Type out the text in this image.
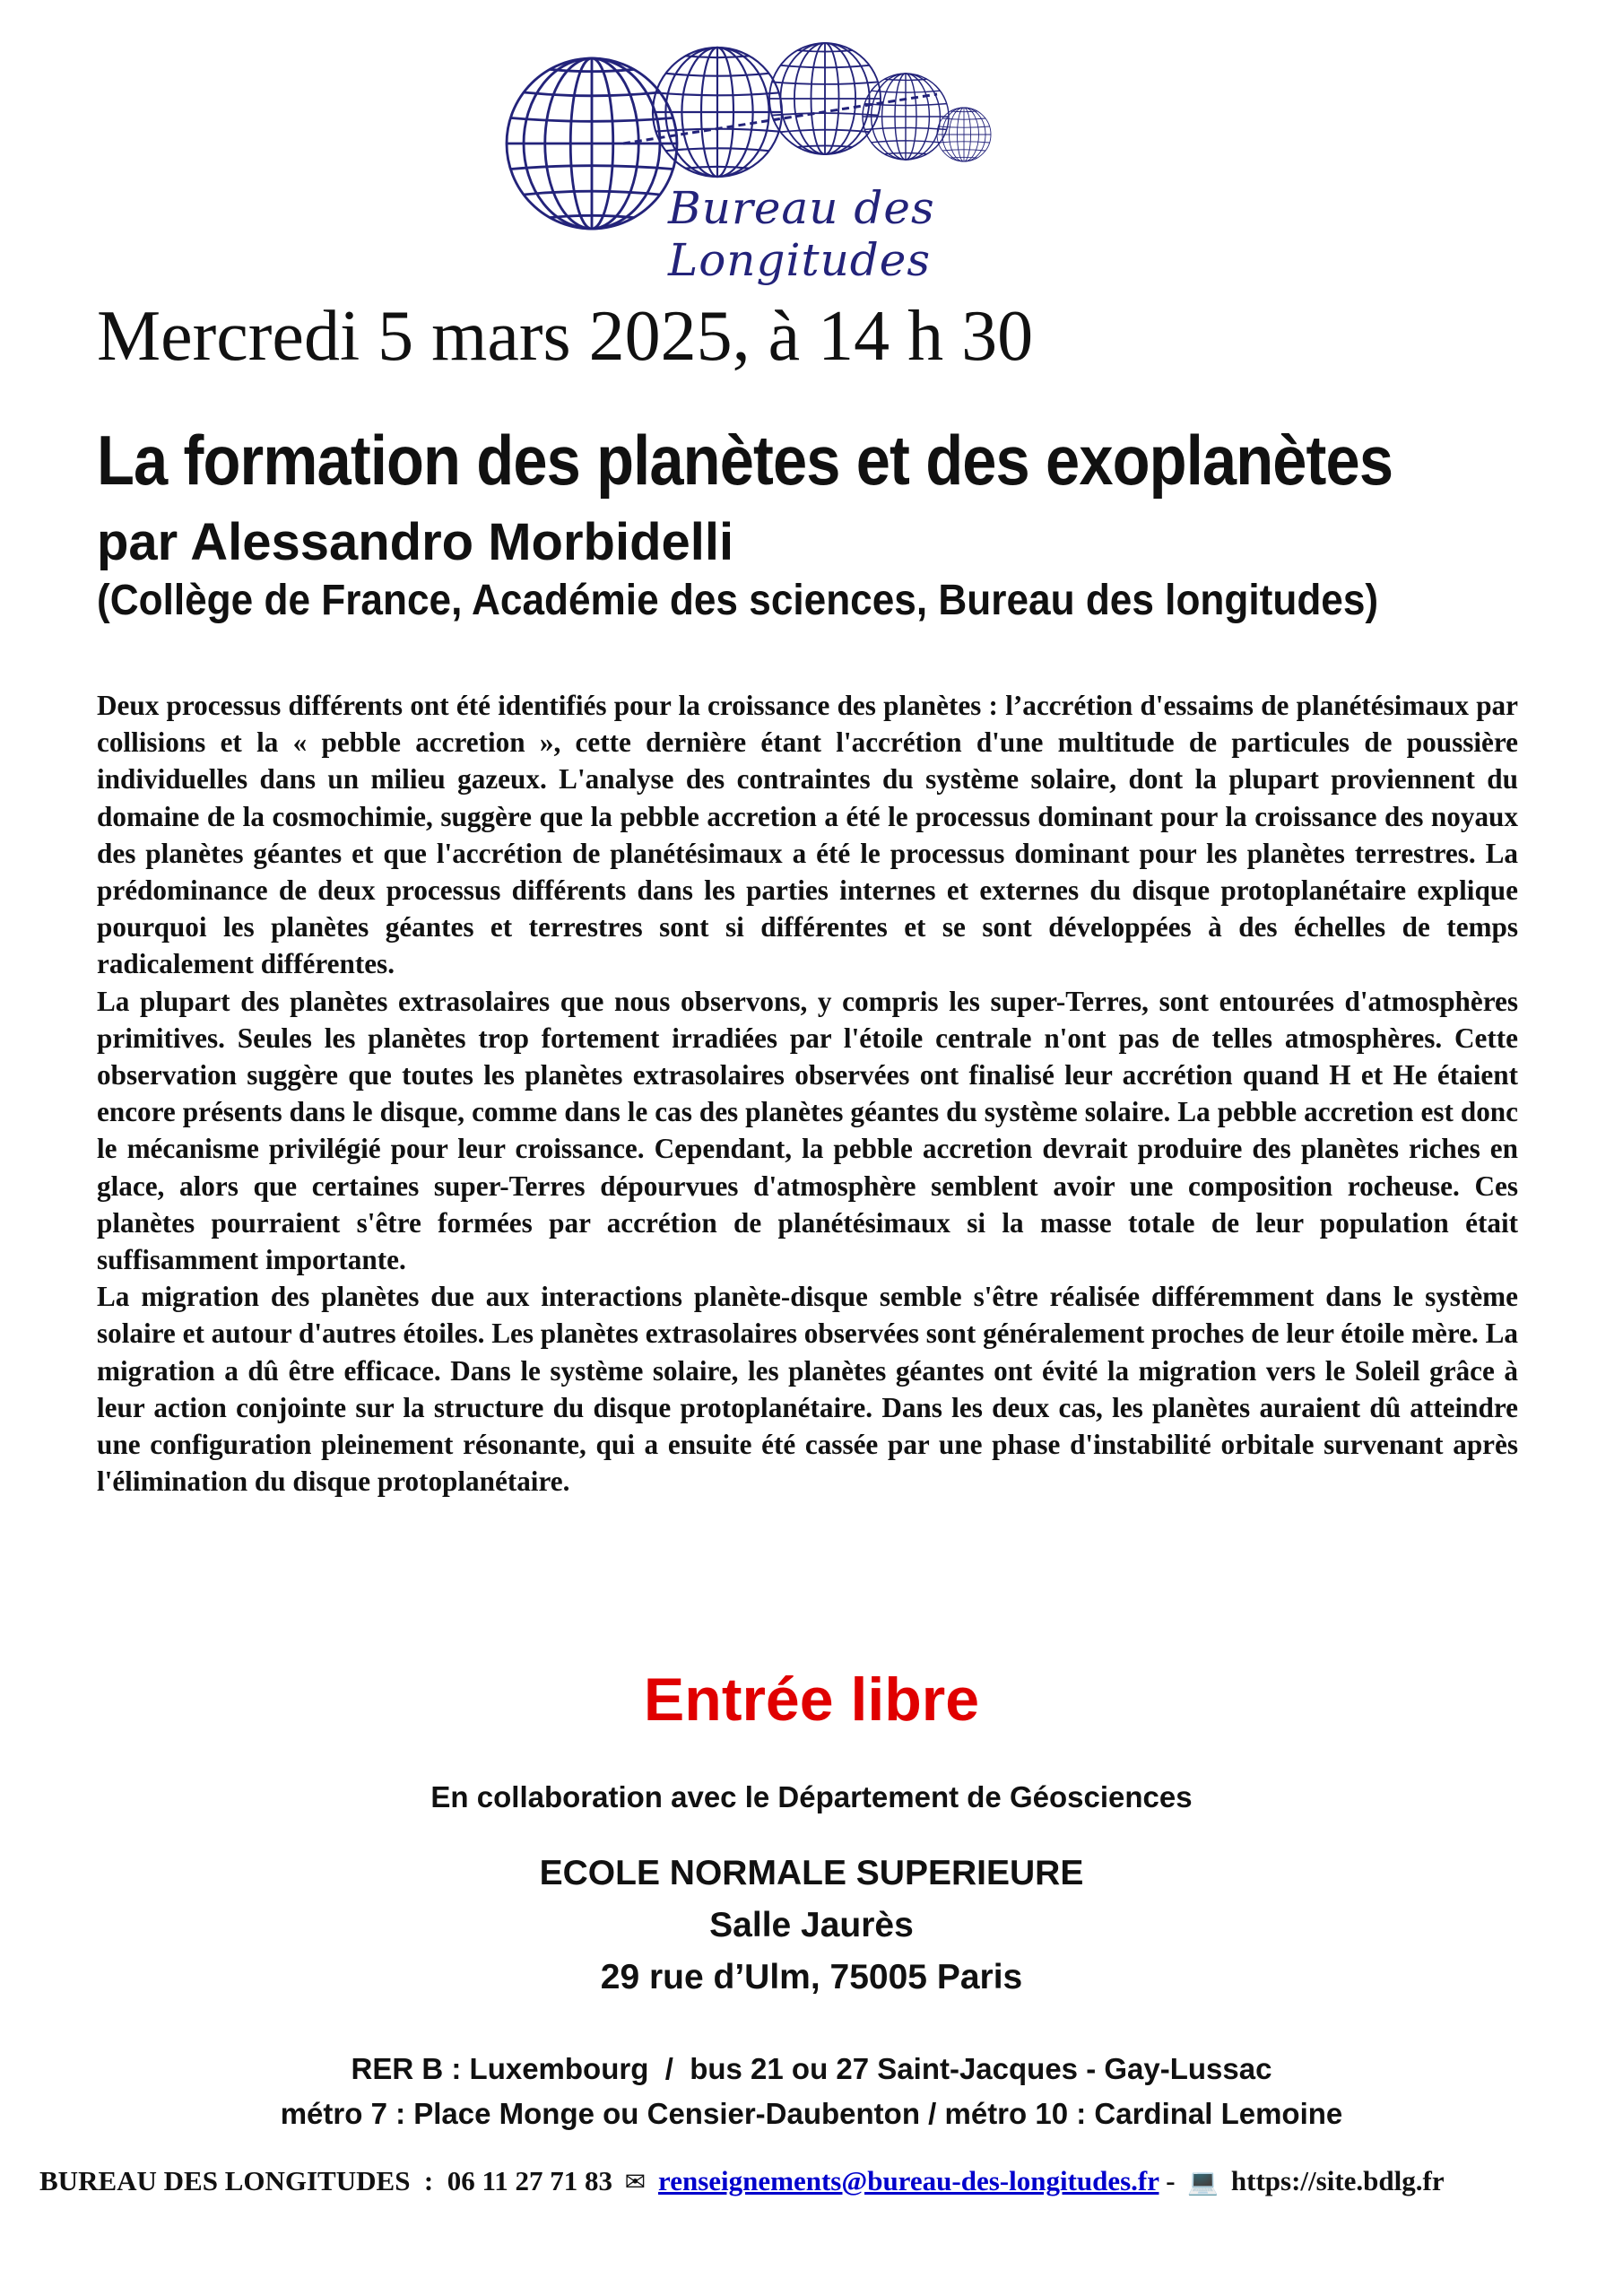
Bureau des Longitudes
Mercredi 5 mars 2025, à 14 h 30
La formation des planètes et des exoplanètes
par Alessandro Morbidelli
(Collège de France, Académie des sciences, Bureau des longitudes)

Deux processus différents ont été identifiés pour la croissance des planètes : l’accrétion d'essaims de planétésimaux par collisions et la « pebble accretion », cette dernière étant l'accrétion d'une multitude de particules de poussière individuelles dans un milieu gazeux. L'analyse des contraintes du système solaire, dont la plupart proviennent du domaine de la cosmochimie, suggère que la pebble accretion a été le processus dominant pour la croissance des noyaux des planètes géantes et que l'accrétion de planétésimaux a été le processus dominant pour les planètes terrestres. La prédominance de deux processus différents dans les parties internes et externes du disque protoplanétaire explique pourquoi les planètes géantes et terrestres sont si différentes et se sont développées à des échelles de temps radicalement différentes.

La plupart des planètes extrasolaires que nous observons, y compris les super-Terres, sont entourées d'atmosphères primitives. Seules les planètes trop fortement irradiées par l'étoile centrale n'ont pas de telles atmosphères. Cette observation suggère que toutes les planètes extrasolaires observées ont finalisé leur accrétion quand H et He étaient encore présents dans le disque, comme dans le cas des planètes géantes du système solaire. La pebble accretion est donc le mécanisme privilégié pour leur croissance. Cependant, la pebble accretion devrait produire des planètes riches en glace, alors que certaines super-Terres dépourvues d'atmosphère semblent avoir une composition rocheuse. Ces planètes pourraient s'être formées par accrétion de planétésimaux si la masse totale de leur population était suffisamment importante.

La migration des planètes due aux interactions planète-disque semble s'être réalisée différemment dans le système solaire et autour d'autres étoiles. Les planètes extrasolaires observées sont généralement proches de leur étoile mère. La migration a dû être efficace. Dans le système solaire, les planètes géantes ont évité la migration vers le Soleil grâce à leur action conjointe sur la structure du disque protoplanétaire. Dans les deux cas, les planètes auraient dû atteindre une configuration pleinement résonante, qui a ensuite été cassée par une phase d'instabilité orbitale survenant après l'élimination du disque protoplanétaire.

Entrée libre
En collaboration avec le Département de Géosciences
ECOLE NORMALE SUPERIEURE
Salle Jaurès
29 rue d’Ulm, 75005 Paris
RER B : Luxembourg  /  bus 21 ou 27 Saint-Jacques - Gay-Lussac
métro 7 : Place Monge ou Censier-Daubenton / métro 10 : Cardinal Lemoine
BUREAU DES LONGITUDES  :  06 11 27 71 83 ✉ renseignements@bureau-des-longitudes.fr - 💻 https://site.bdlg.fr
